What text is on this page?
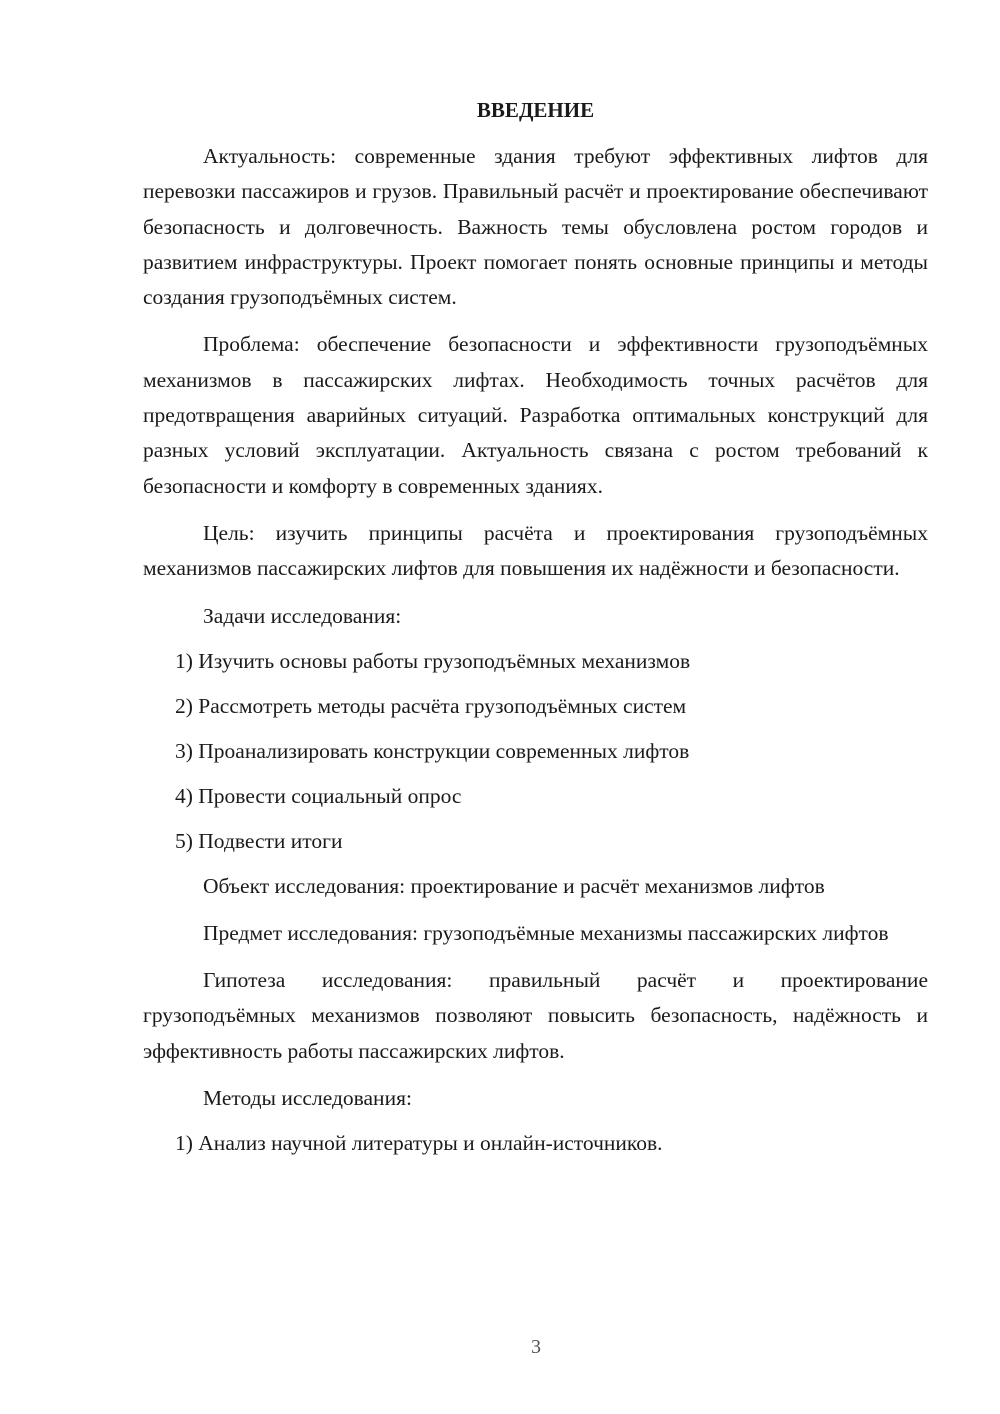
ВВЕДЕНИЕ

Актуальность: современные здания требуют эффективных лифтов для перевозки пассажиров и грузов. Правильный расчёт и проектирование обеспечивают безопасность и долговечность. Важность темы обусловлена ростом городов и развитием инфраструктуры. Проект помогает понять основные принципы и методы создания грузоподъёмных систем.

Проблема: обеспечение безопасности и эффективности грузоподъёмных механизмов в пассажирских лифтах. Необходимость точных расчётов для предотвращения аварийных ситуаций. Разработка оптимальных конструкций для разных условий эксплуатации. Актуальность связана с ростом требований к безопасности и комфорту в современных зданиях.

Цель: изучить принципы расчёта и проектирования грузоподъёмных механизмов пассажирских лифтов для повышения их надёжности и безопасности.

Задачи исследования:

1) Изучить основы работы грузоподъёмных механизмов

2) Рассмотреть методы расчёта грузоподъёмных систем

3) Проанализировать конструкции современных лифтов

4) Провести социальный опрос

5) Подвести итоги

Объект исследования: проектирование и расчёт механизмов лифтов

Предмет исследования: грузоподъёмные механизмы пассажирских лифтов

Гипотеза исследования: правильный расчёт и проектирование грузоподъёмных механизмов позволяют повысить безопасность, надёжность и эффективность работы пассажирских лифтов.

Методы исследования:

1) Анализ научной литературы и онлайн-источников.

3
